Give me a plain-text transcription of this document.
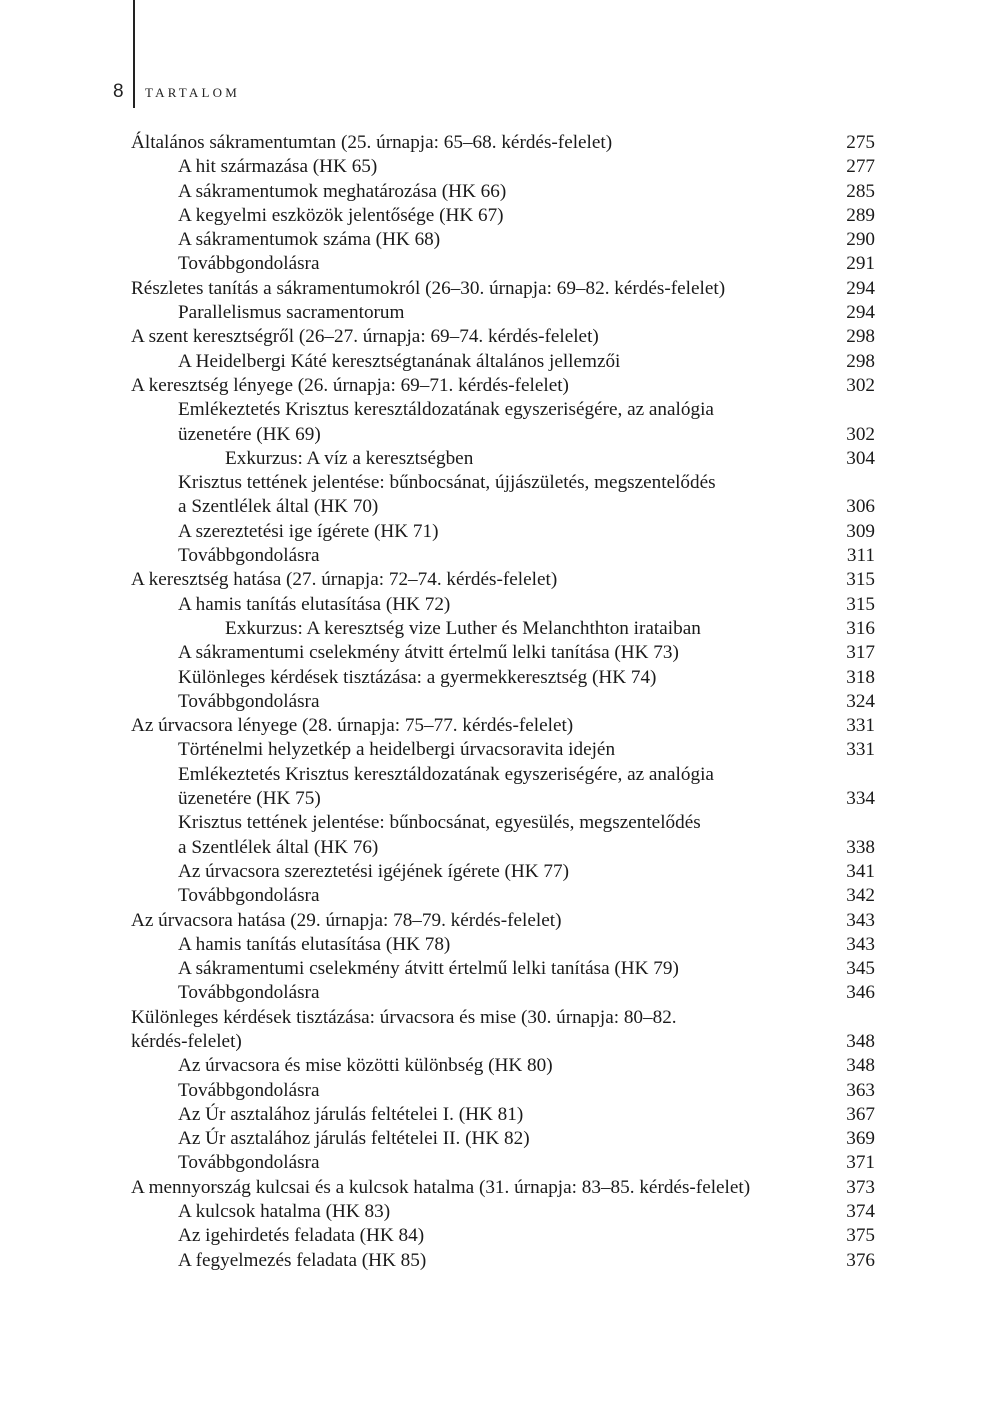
8 TARTALOM
Általános sákramentumtan (25. úrnapja: 65–68. kérdés-felelet)	275
A hit származása (HK 65)	277
A sákramentumok meghatározása (HK 66)	285
A kegyelmi eszközök jelentősége (HK 67)	289
A sákramentumok száma (HK 68)	290
Továbbgondolásra	291
Részletes tanítás a sákramentumokról (26–30. úrnapja: 69–82. kérdés-felelet)	294
Parallelismus sacramentorum	294
A szent keresztségről (26–27. úrnapja: 69–74. kérdés-felelet)	298
A Heidelbergi Káté keresztségtanának általános jellemzői	298
A keresztség lényege (26. úrnapja: 69–71. kérdés-felelet)	302
Emlékeztetés Krisztus keresztáldozatának egyszeriségére, az analógia
üzenetére (HK 69)	302
Exkurzus: A víz a keresztségben	304
Krisztus tettének jelentése: bűnbocsánat, újjászületés, megszentelődés
a Szentlélek által (HK 70)	306
A szereztetési ige ígérete (HK 71)	309
Továbbgondolásra	311
A keresztség hatása (27. úrnapja: 72–74. kérdés-felelet)	315
A hamis tanítás elutasítása (HK 72)	315
Exkurzus: A keresztség vize Luther és Melanchthton irataiban	316
A sákramentumi cselekmény átvitt értelmű lelki tanítása (HK 73)	317
Különleges kérdések tisztázása: a gyermekkeresztség (HK 74)	318
Továbbgondolásra	324
Az úrvacsora lényege (28. úrnapja: 75–77. kérdés-felelet)	331
Történelmi helyzetkép a heidelbergi úrvacsoravita idején	331
Emlékeztetés Krisztus keresztáldozatának egyszeriségére, az analógia
üzenetére (HK 75)	334
Krisztus tettének jelentése: bűnbocsánat, egyesülés, megszentelődés
a Szentlélek által (HK 76)	338
Az úrvacsora szereztetési igéjének ígérete (HK 77)	341
Továbbgondolásra	342
Az úrvacsora hatása (29. úrnapja: 78–79. kérdés-felelet)	343
A hamis tanítás elutasítása (HK 78)	343
A sákramentumi cselekmény átvitt értelmű lelki tanítása (HK 79)	345
Továbbgondolásra	346
Különleges kérdések tisztázása: úrvacsora és mise (30. úrnapja: 80–82.
kérdés-felelet)	348
Az úrvacsora és mise közötti különbség (HK 80)	348
Továbbgondolásra	363
Az Úr asztalához járulás feltételei I. (HK 81)	367
Az Úr asztalához járulás feltételei II. (HK 82)	369
Továbbgondolásra	371
A mennyország kulcsai és a kulcsok hatalma (31. úrnapja: 83–85. kérdés-felelet)	373
A kulcsok hatalma (HK 83)	374
Az igehirdetés feladata (HK 84)	375
A fegyelmezés feladata (HK 85)	376
